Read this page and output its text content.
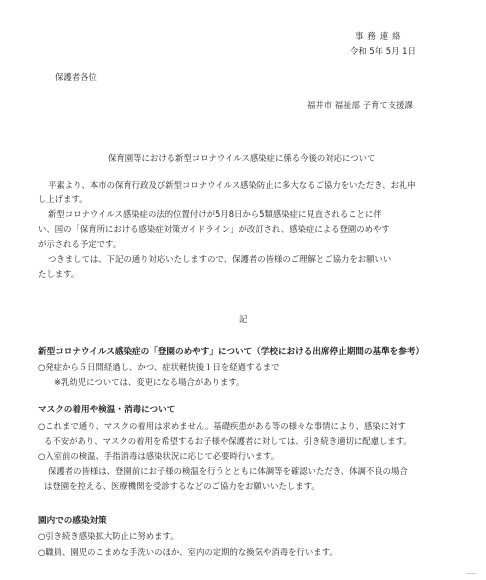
事務連絡
令和 5年 5月 1日
保護者各位
福井市 福祉部 子育て支援課
保育園等における新型コロナウイルス感染症に係る今後の対応について
平素より、本市の保育行政及び新型コロナウイルス感染防止に多大なるご協力をいただき、お礼申
し上げます。
新型コロナウイルス感染症の法的位置付けが5月8日から5類感染症に見直されることに伴
い、国の「保育所における感染症対策ガイドライン」が改訂され、感染症による登園のめやす
つきましては、下記の通り対応いたしますので、保護者の皆様のご理解とご協力をお願いい
たします。
記
新型コロナウイルス感染症の「登園のめやす」について（学校における出席停止期間の基準を参考）
○発症から５日間経過し、かつ、症状軽快後１日を経過するまで
※乳幼児については、変更になる場合があります。
マスクの着用や検温・消毒について
○これまで通り、マスクの着用は求めません。基礎疾患がある等の様々な事情により、感染に対す
る不安があり、マスクの着用を希望するお子様や保護者に対しては、引き続き適切に配慮します。
○入室前の検温、手指消毒は感染状況に応じて必要時行います。
保護者の皆様は、登園前にお子様の検温を行うとともに体調等を確認いただき、体調不良の場合
は登園を控える、医療機関を受診するなどのご協力をお願いいたします。
園内での感染対策
○引き続き感染拡大防止に努めます。
○職員、園児のこまめな手洗いのほか、室内の定期的な換気や消毒を行います。
が示される予定です。
